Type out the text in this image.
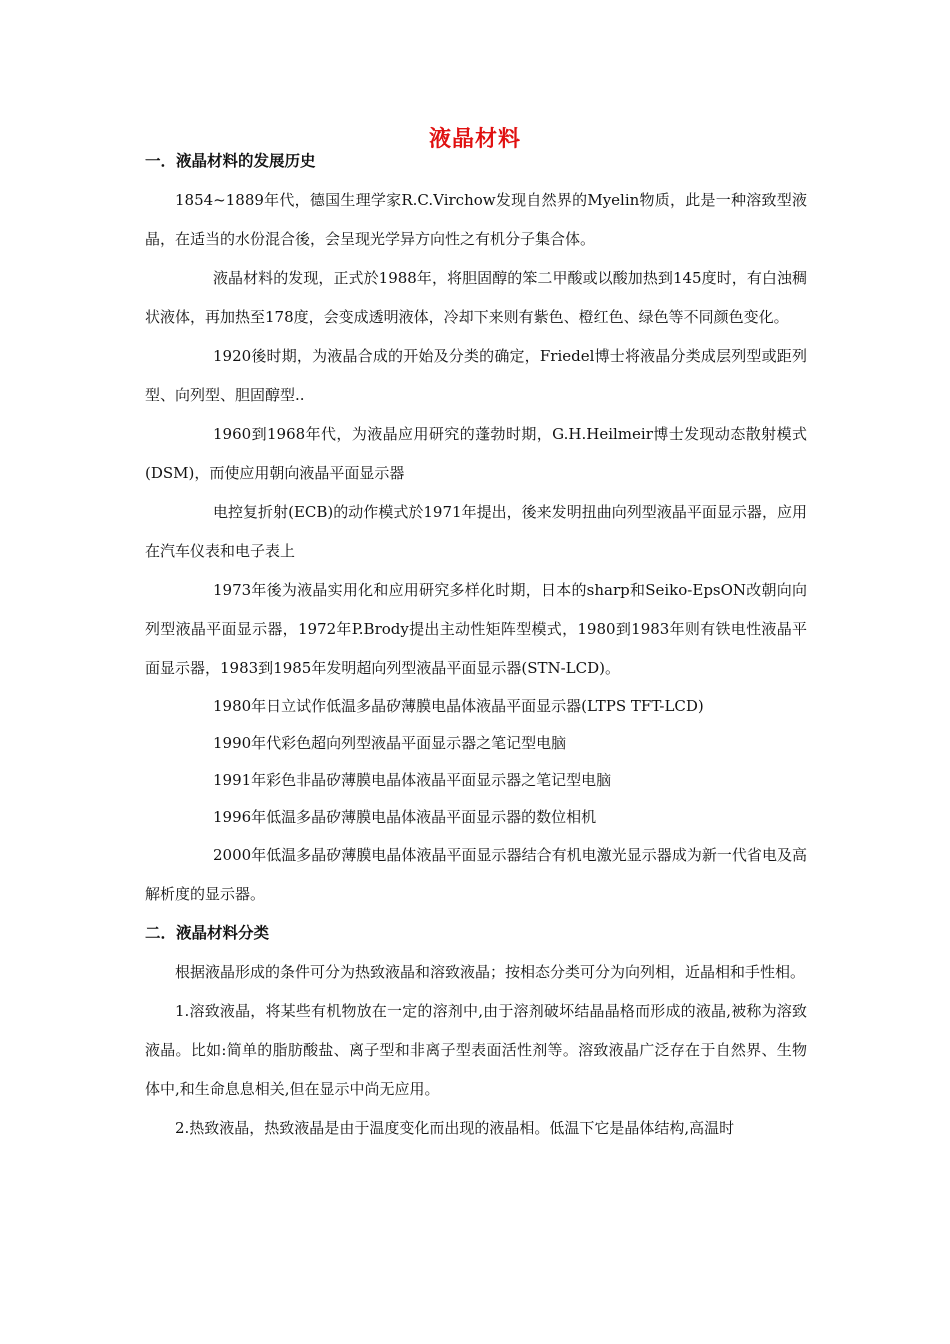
液晶材料
一．液晶材料的发展历史

1854~1889年代，德国生理学家R.C.Virchow发现自然界的Myelin物质，此是一种溶致型液晶，在适当的水份混合後，会呈现光学异方向性之有机分子集合体。

液晶材料的发现，正式於1988年，将胆固醇的笨二甲酸或以酸加热到145度时，有白浊稠状液体，再加热至178度，会变成透明液体，冷却下来则有紫色、橙红色、绿色等不同颜色变化。

1920後时期，为液晶合成的开始及分类的确定，Friedel博士将液晶分类成层列型或距列型、向列型、胆固醇型..

1960到1968年代，为液晶应用研究的蓬勃时期，G.H.Heilmeir博士发现动态散射模式(DSM)，而使应用朝向液晶平面显示器

电控复折射(ECB)的动作模式於1971年提出，後来发明扭曲向列型液晶平面显示器，应用在汽车仪表和电子表上

1973年後为液晶实用化和应用研究多样化时期，日本的sharp和Seiko-EpsON改朝向向列型液晶平面显示器，1972年P.Brody提出主动性矩阵型模式，1980到1983年则有铁电性液晶平面显示器，1983到1985年发明超向列型液晶平面显示器(STN-LCD)。

1980年日立试作低温多晶矽薄膜电晶体液晶平面显示器(LTPS TFT-LCD)

1990年代彩色超向列型液晶平面显示器之笔记型电脑

1991年彩色非晶矽薄膜电晶体液晶平面显示器之笔记型电脑

1996年低温多晶矽薄膜电晶体液晶平面显示器的数位相机

2000年低温多晶矽薄膜电晶体液晶平面显示器结合有机电激光显示器成为新一代省电及高解析度的显示器。

二．液晶材料分类

根据液晶形成的条件可分为热致液晶和溶致液晶；按相态分类可分为向列相，近晶相和手性相。

1.溶致液晶，将某些有机物放在一定的溶剂中,由于溶剂破坏结晶晶格而形成的液晶,被称为溶致液晶。比如:简单的脂肪酸盐、离子型和非离子型表面活性剂等。溶致液晶广泛存在于自然界、生物体中,和生命息息相关,但在显示中尚无应用。

2.热致液晶，热致液晶是由于温度变化而出现的液晶相。低温下它是晶体结构,高温时
